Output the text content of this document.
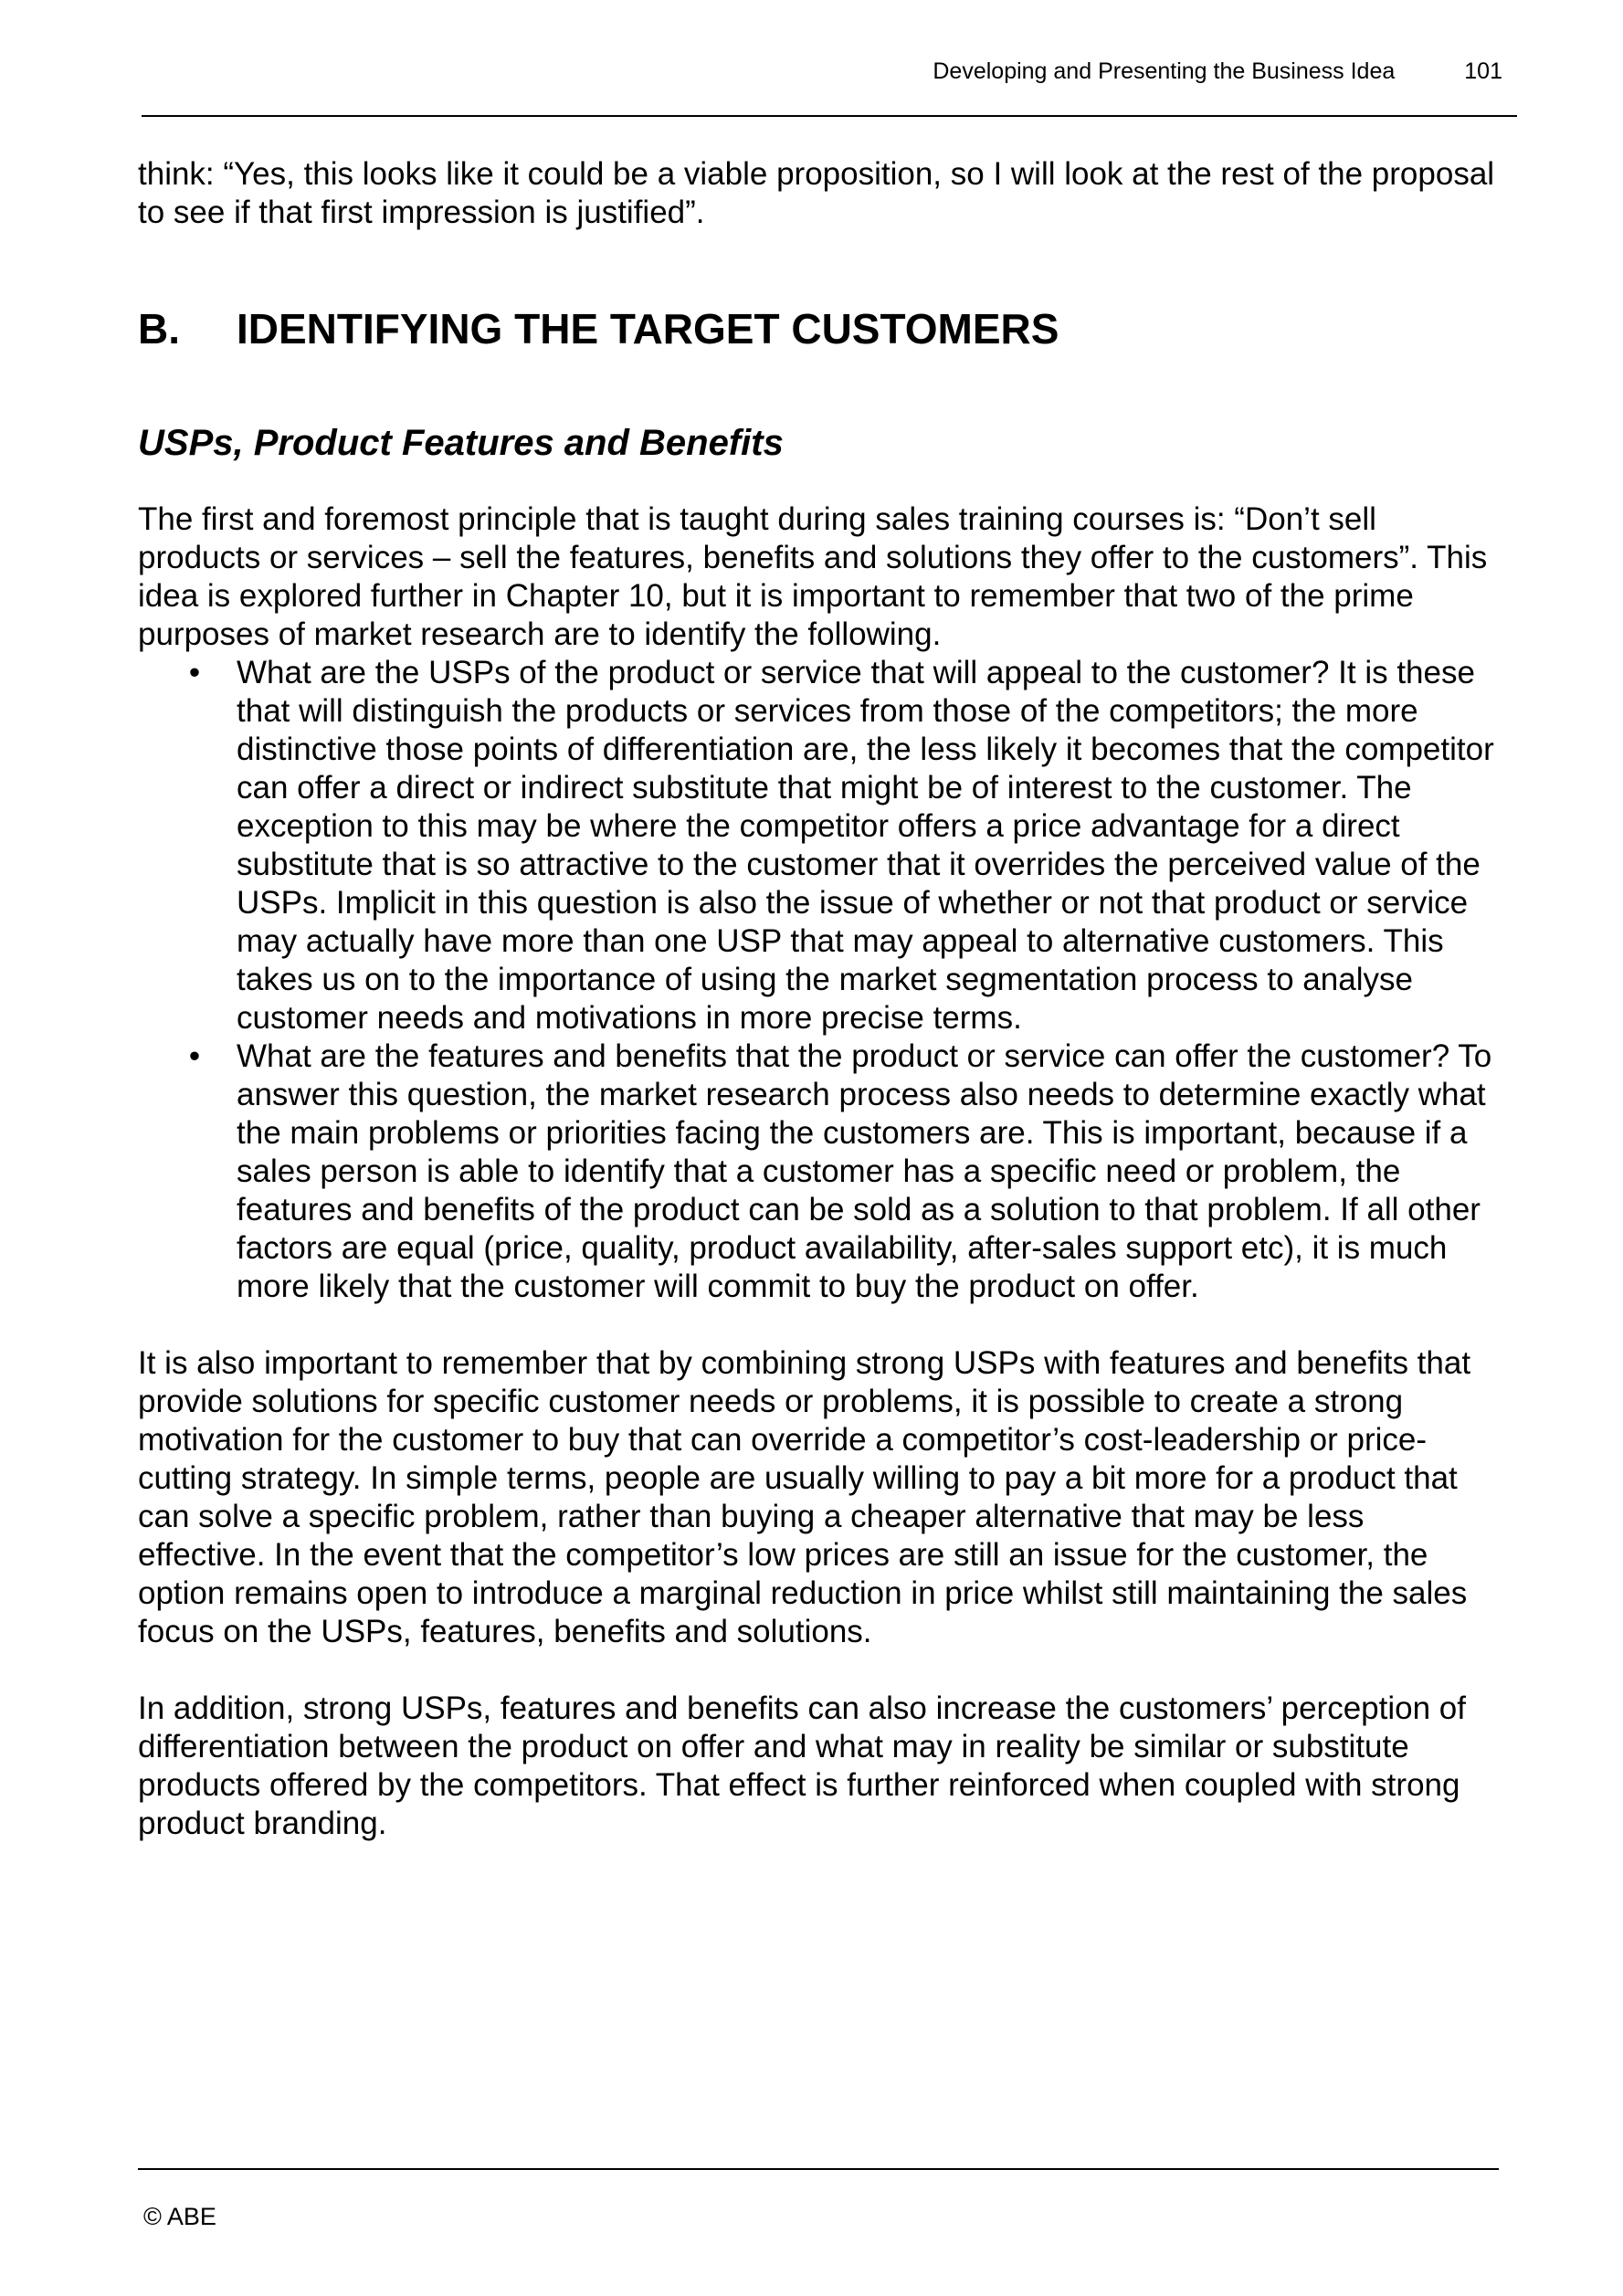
Developing and Presenting the Business Idea	101

think: “Yes, this looks like it could be a viable proposition, so I will look at the rest of the proposal to see if that first impression is justified”.

B.	IDENTIFYING THE TARGET CUSTOMERS
USPs, Product Features and Benefits

The first and foremost principle that is taught during sales training courses is: “Don’t sell products or services – sell the features, benefits and solutions they offer to the customers”. This idea is explored further in Chapter 10, but it is important to remember that two of the prime purposes of market research are to identify the following.

• What are the USPs of the product or service that will appeal to the customer? It is these that will distinguish the products or services from those of the competitors; the more distinctive those points of differentiation are, the less likely it becomes that the competitor can offer a direct or indirect substitute that might be of interest to the customer. The exception to this may be where the competitor offers a price advantage for a direct substitute that is so attractive to the customer that it overrides the perceived value of the USPs. Implicit in this question is also the issue of whether or not that product or service may actually have more than one USP that may appeal to alternative customers. This takes us on to the importance of using the market segmentation process to analyse customer needs and motivations in more precise terms.
• What are the features and benefits that the product or service can offer the customer? To answer this question, the market research process also needs to determine exactly what the main problems or priorities facing the customers are. This is important, because if a sales person is able to identify that a customer has a specific need or problem, the features and benefits of the product can be sold as a solution to that problem. If all other factors are equal (price, quality, product availability, after-sales support etc), it is much more likely that the customer will commit to buy the product on offer.

It is also important to remember that by combining strong USPs with features and benefits that provide solutions for specific customer needs or problems, it is possible to create a strong motivation for the customer to buy that can override a competitor’s cost-leadership or price-cutting strategy. In simple terms, people are usually willing to pay a bit more for a product that can solve a specific problem, rather than buying a cheaper alternative that may be less effective. In the event that the competitor’s low prices are still an issue for the customer, the option remains open to introduce a marginal reduction in price whilst still maintaining the sales focus on the USPs, features, benefits and solutions.

In addition, strong USPs, features and benefits can also increase the customers’ perception of differentiation between the product on offer and what may in reality be similar or substitute products offered by the competitors. That effect is further reinforced when coupled with strong product branding.

© ABE
